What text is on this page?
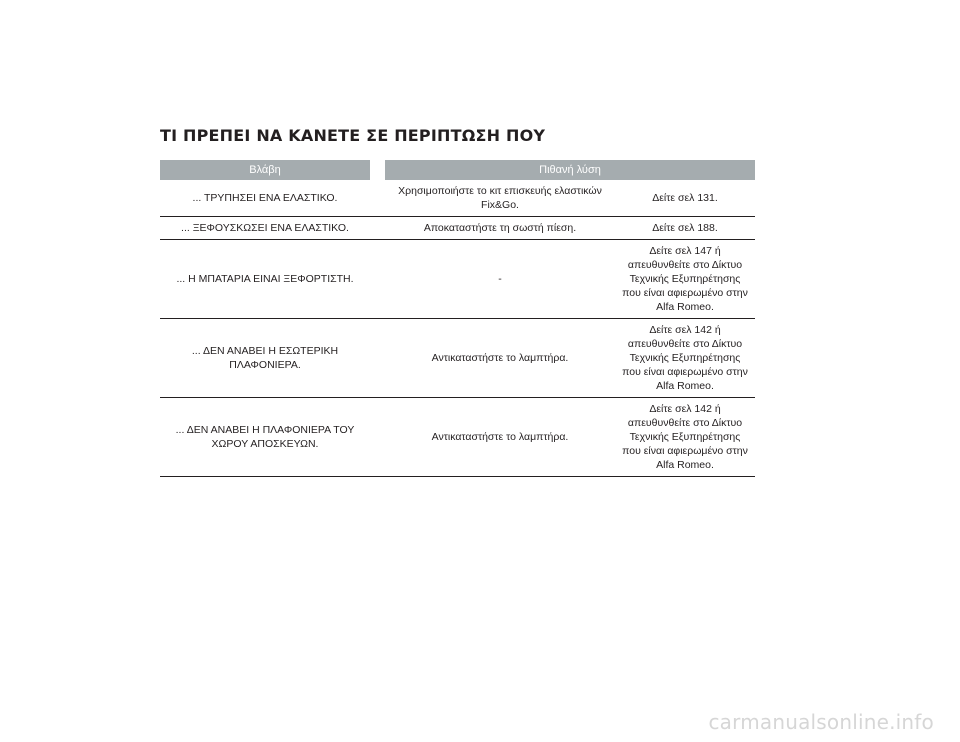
ΤΙ ΠΡΕΠΕΙ ΝΑ ΚΑΝΕΤΕ ΣΕ ΠΕΡΙΠΤΩΣΗ ΠΟΥ
Βλάβη		Πιθανή λύση	
... ΤΡΥΠΗΣΕΙ ΕΝΑ ΕΛΑΣΤΙΚΟ.		Χρησιμοποιήστε το κιτ επισκευής ελαστικών Fix&Go.	Δείτε σελ 131.
... ΞΕΦΟΥΣΚΩΣΕΙ ΕΝΑ ΕΛΑΣΤΙΚΟ.		Αποκαταστήστε τη σωστή πίεση.	Δείτε σελ 188.
... Η ΜΠΑΤΑΡΙΑ ΕΙΝΑΙ ΞΕΦΟΡΤΙΣΤΗ.		-	Δείτε σελ 147 ή απευθυνθείτε στο Δίκτυο Τεχνικής Εξυπηρέτησης που είναι αφιερωμένο στην Alfa Romeo.
... ΔΕΝ ΑΝΑΒΕΙ Η ΕΣΩΤΕΡΙΚΗ ΠΛΑΦΟΝΙΕΡΑ.		Αντικαταστήστε το λαμπτήρα.	Δείτε σελ 142 ή απευθυνθείτε στο Δίκτυο Τεχνικής Εξυπηρέτησης που είναι αφιερωμένο στην Alfa Romeo.
... ΔΕΝ ΑΝΑΒΕΙ Η ΠΛΑΦΟΝΙΕΡΑ ΤΟΥ ΧΩΡΟΥ ΑΠΟΣΚΕΥΩΝ.		Αντικαταστήστε το λαμπτήρα.	Δείτε σελ 142 ή απευθυνθείτε στο Δίκτυο Τεχνικής Εξυπηρέτησης που είναι αφιερωμένο στην Alfa Romeo.
carmanualsonline.info
